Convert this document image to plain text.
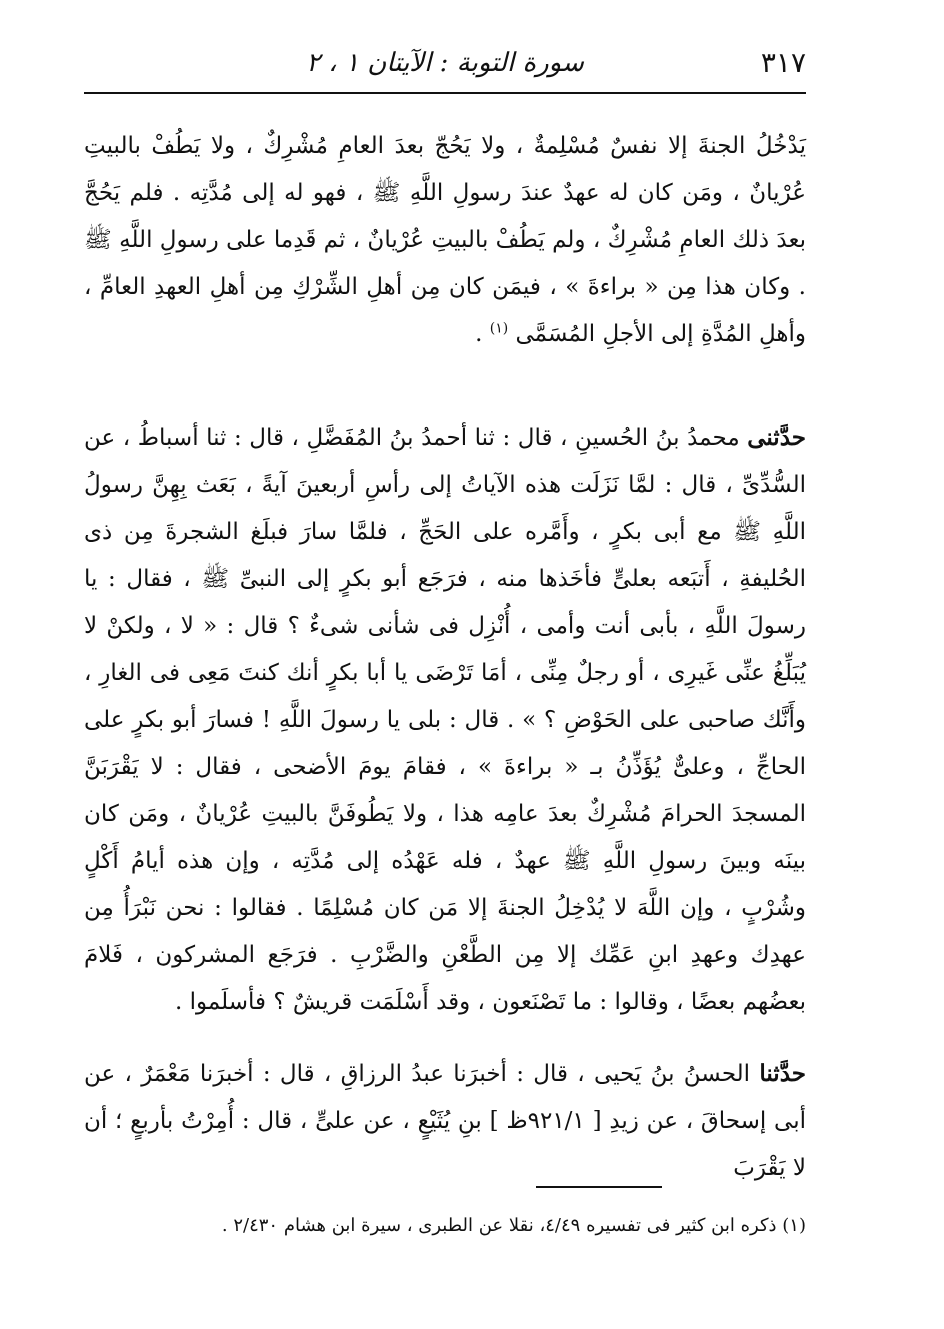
٣١٧
سورة التوبة : الآيتان ١ ، ٢

يَدْخُلُ الجنةَ إلا نفسٌ مُسْلِمةٌ ، ولا يَحُجّ بعدَ العامِ مُشْرِكٌ ، ولا يَطُفْ بالبيتِ عُرْيانٌ ، ومَن كان له عهدٌ عندَ رسولِ اللَّهِ ﷺ ، فهو له إلى مُدَّتِه . فلم يَحُجَّ بعدَ ذلك العامِ مُشْرِكٌ ، ولم يَطُفْ بالبيتِ عُرْيانٌ ، ثم قَدِما على رسولِ اللَّهِ ﷺ . وكان هذا مِن « براءةَ » ، فيمَن كان مِن أهلِ الشِّرْكِ مِن أهلِ العهدِ العامِّ ، وأهلِ المُدَّةِ إلى الأجلِ المُسَمَّى $^{(١)}$ .

حدَّثنى محمدُ بنُ الحُسينِ ، قال : ثنا أحمدُ بنُ المُفَضَّلِ ، قال : ثنا أسباطُ ، عن السُّدِّىِّ ، قال : لمَّا نَزَلَت هذه الآياتُ إلى رأسِ أربعينَ آيةً ، بَعَث بِهِنَّ رسولُ اللَّهِ ﷺ مع أبى بكرٍ ، وأَمَّره على الحَجِّ ، فلمَّا سارَ فبلَغ الشجرةَ مِن ذى الحُليفةِ ، أَتبَعه بعلىٍّ فأخَذها منه ، فرَجَع أبو بكرٍ إلى النبىِّ ﷺ ، فقال : يا رسولَ اللَّهِ ، بأبى أنت وأمى ، أُنْزِل فى شأنى شىءٌ ؟ قال : « لا ، ولكنْ لا يُبَلِّغُ عنِّى غَيرِى ، أو رجلٌ مِنِّى ، أمَا تَرْضَى يا أبا بكرٍ أنك كنتَ مَعِى فى الغارِ ، وأَنَّك صاحبى على الحَوْضِ ؟ » . قال : بلى يا رسولَ اللَّهِ ! فسارَ أبو بكرٍ على الحاجِّ ، وعلىٌّ يُؤَذِّنُ بـ « براءةَ » ، فقامَ يومَ الأضحى ، فقال : لا يَقْرَبَنَّ المسجدَ الحرامَ مُشْرِكٌ بعدَ عامِه هذا ، ولا يَطُوفَنَّ بالبيتِ عُرْيانٌ ، ومَن كان بينَه وبينَ رسولِ اللَّهِ ﷺ عهدٌ ، فله عَهْدُه إلى مُدَّتِه ، وإن هذه أيامُ أَكْلٍ وشُرْبٍ ، وإن اللَّهَ لا يُدْخِلُ الجنةَ إلا مَن كان مُسْلِمًا . فقالوا : نحن نَبْرَأُ مِن عهدِك وعهدِ ابنِ عَمِّك إلا مِن الطَّعْنِ والضَّرْبِ . فرَجَع المشركون ، فَلامَ بعضُهم بعضًا ، وقالوا : ما تَصْنَعون ، وقد أَسْلَمَت قريشٌ ؟ فأسلَموا .

حدَّثنا الحسنُ بنُ يَحيى ، قال : أخبرَنا عبدُ الرزاقِ ، قال : أخبرَنا مَعْمَرٌ ، عن أبى إسحاقَ ، عن زيدِ [ ٩٢١/١ظ ] بنِ يُثَيْعٍ ، عن علىٍّ ، قال : أُمِرْتُ بأربعٍ ؛ أن لا يَقْرَبَ

(١) ذكره ابن كثير فى تفسيره ٤/٤٩، نقلا عن الطبرى ، سيرة ابن هشام ٢/٤٣٠ .
